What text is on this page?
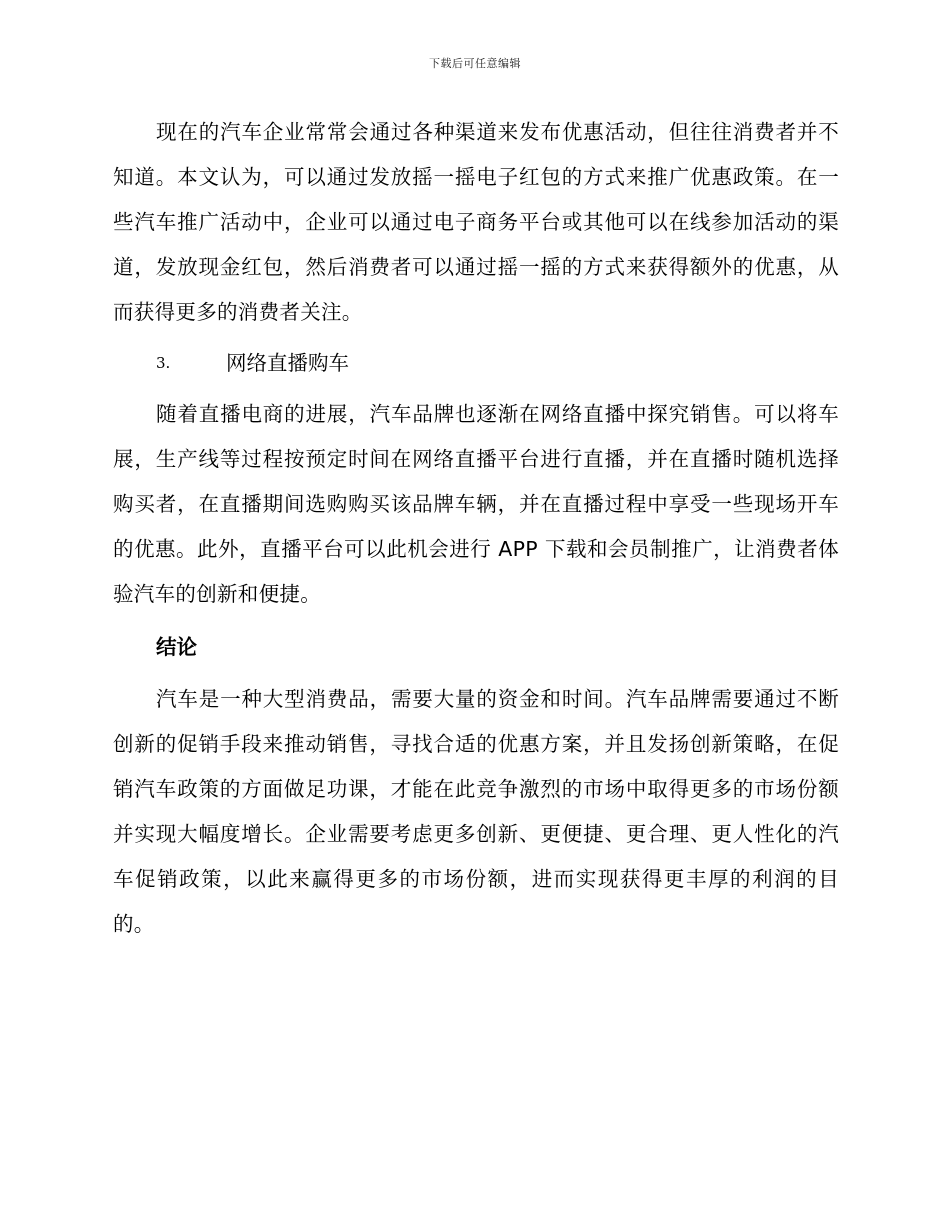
下载后可任意编辑

现在的汽车企业常常会通过各种渠道来发布优惠活动，但往往消费者并不知道。本文认为，可以通过发放摇一摇电子红包的方式来推广优惠政策。在一些汽车推广活动中，企业可以通过电子商务平台或其他可以在线参加活动的渠道，发放现金红包，然后消费者可以通过摇一摇的方式来获得额外的优惠，从而获得更多的消费者关注。

3.	网络直播购车

随着直播电商的进展，汽车品牌也逐渐在网络直播中探究销售。可以将车展，生产线等过程按预定时间在网络直播平台进行直播，并在直播时随机选择购买者，在直播期间选购购买该品牌车辆，并在直播过程中享受一些现场开车的优惠。此外，直播平台可以此机会进行 APP 下载和会员制推广，让消费者体验汽车的创新和便捷。

结论

汽车是一种大型消费品，需要大量的资金和时间。汽车品牌需要通过不断创新的促销手段来推动销售，寻找合适的优惠方案，并且发扬创新策略，在促销汽车政策的方面做足功课，才能在此竞争激烈的市场中取得更多的市场份额并实现大幅度增长。企业需要考虑更多创新、更便捷、更合理、更人性化的汽车促销政策，以此来赢得更多的市场份额，进而实现获得更丰厚的利润的目的。
